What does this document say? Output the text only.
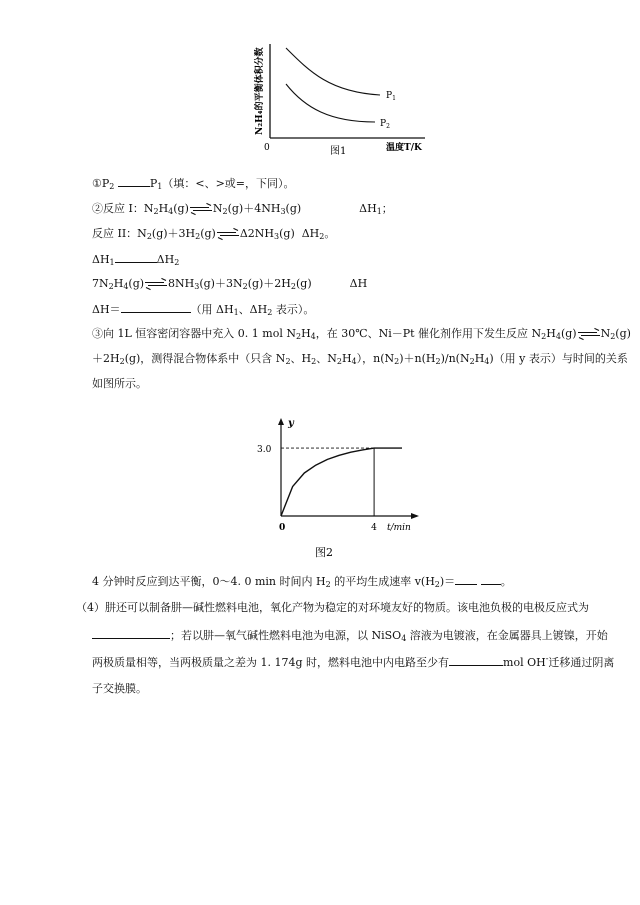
N₂H₄的平衡体积分数
0	图1	温度T/K
$P_1$
$P_2$
$①P_2$	$P_1$（填：<、>或=，下同）。
②反应 I：$N_2H_4(g)$ $N_2(g)+4NH_3(g)$	$\Delta H_1$；
反应 II：$N_2(g)+3H_2(g)$ $\Delta 2NH_3(g)$  $\Delta H_2$。
$\Delta H_1$	$\Delta H_2$
$7N_2H_4(g)$ $8NH_3(g)+3N_2(g)+2H_2(g)$	ΔH
ΔH＝	（用 $\Delta H_1$、$\Delta H_2$ 表示）。
③向 1L 恒容密闭容器中充入 0. 1 mol $N_2H_4$，在 30℃、Ni－Pt 催化剂作用下发生反应 $N_2H_4(g)$ $N_2(g)$
$+2H_2(g)$，测得混合物体系中（只含 $N_2$、$H_2$、$N_2H_4$），$n(N_2)+n(H_2)/n(N_2H_4)$（用 y 表示）与时间的关系
如图所示。
0	4
3.0
y
t/min
图2
4 分钟时反应到达平衡，0～4. 0 min 时间内 $H_2$ 的平均生成速率 $v(H_2)=$	。
（4）肼还可以制备肼—碱性燃料电池，氧化产物为稳定的对环境友好的物质。该电池负极的电极反应式为
；若以肼—氧气碱性燃料电池为电源，以 NiSO$_4$ 溶液为电镀液，在金属器具上镀镍，开始
两极质量相等，当两极质量之差为 1. 174g 时，燃料电池中内电路至少有	mol OH-迁移通过阴离
子交换膜。
